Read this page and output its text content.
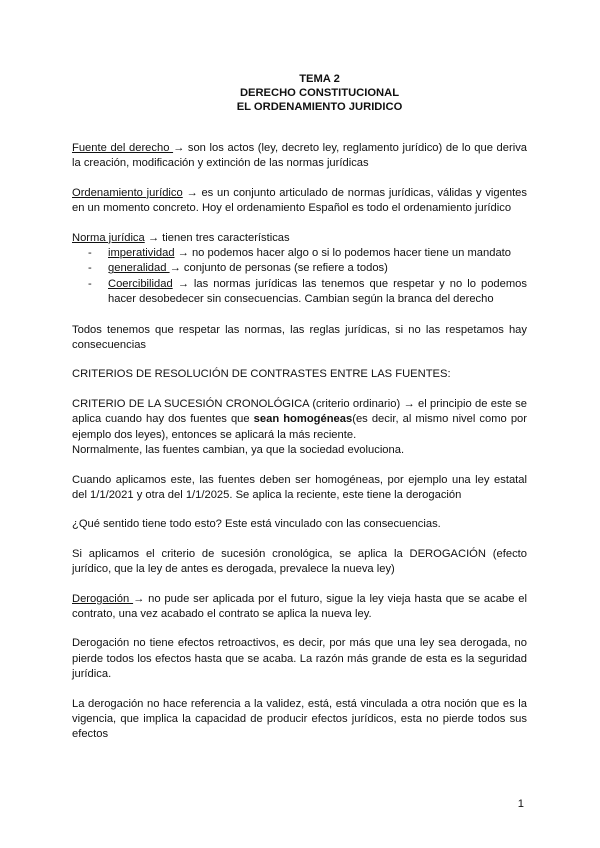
TEMA 2
DERECHO CONSTITUCIONAL
EL ORDENAMIENTO JURIDICO

Fuente del derecho → son los actos (ley, decreto ley, reglamento jurídico) de lo que deriva la creación, modificación y extinción de las normas jurídicas

Ordenamiento jurídico → es un conjunto articulado de normas jurídicas, válidas y vigentes en un momento concreto. Hoy el ordenamiento Español es todo el ordenamiento jurídico

Norma jurídica → tienen tres características

- imperatividad → no podemos hacer algo o si lo podemos hacer tiene un mandato
- generalidad → conjunto de personas (se refiere a todos)
- Coercibilidad → las normas jurídicas las tenemos que respetar y no lo podemos hacer desobedecer sin consecuencias. Cambian según la branca del derecho

Todos tenemos que respetar las normas, las reglas jurídicas, si no las respetamos hay consecuencias

CRITERIOS DE RESOLUCIÓN DE CONTRASTES ENTRE LAS FUENTES:

CRITERIO DE LA SUCESIÓN CRONOLÓGICA (criterio ordinario) → el principio de este se aplica cuando hay dos fuentes que sean homogéneas(es decir, al mismo nivel como por ejemplo dos leyes), entonces se aplicará la más reciente.
Normalmente, las fuentes cambian, ya que la sociedad evoluciona.

Cuando aplicamos este, las fuentes deben ser homogéneas, por ejemplo una ley estatal del 1/1/2021 y otra del 1/1/2025. Se aplica la reciente, este tiene la derogación

¿Qué sentido tiene todo esto? Este está vinculado con las consecuencias.

Si aplicamos el criterio de sucesión cronológica, se aplica la DEROGACIÓN (efecto jurídico, que la ley de antes es derogada, prevalece la nueva ley)

Derogación → no pude ser aplicada por el futuro, sigue la ley vieja hasta que se acabe el contrato, una vez acabado el contrato se aplica la nueva ley.

Derogación no tiene efectos retroactivos, es decir, por más que una ley sea derogada, no pierde todos los efectos hasta que se acaba. La razón más grande de esta es la seguridad jurídica.

La derogación no hace referencia a la validez, está, está vinculada a otra noción que es la vigencia, que implica la capacidad de producir efectos jurídicos, esta no pierde todos sus efectos

1
